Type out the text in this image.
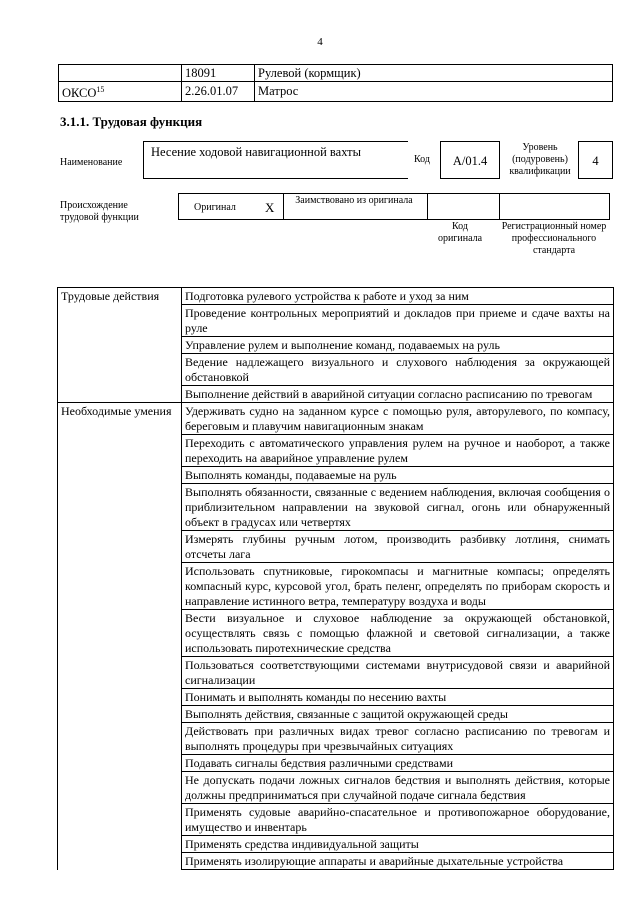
4
	18091	Рулевой (кормщик)
ОКСО$^{15}$	2.26.01.07	Матрос
3.1.1. Трудовая функция
Наименование
Несение ходовой навигационной вахты
Код	А/01.4
Уровень (подуровень) квалификации
4
Происхождение трудовой функции
Оригинал X	Заимствовано из оригинала
Код оригинала
Регистрационный номер профессионального стандарта
Трудовые действия	Подготовка рулевого устройства к работе и уход за ним
	Проведение контрольных мероприятий и докладов при приеме и сдаче вахты на руле
	Управление рулем и выполнение команд, подаваемых на руль
	Ведение надлежащего визуального и слухового наблюдения за окружающей обстановкой
	Выполнение действий в аварийной ситуации согласно расписанию по тревогам
Необходимые умения	Удерживать судно на заданном курсе с помощью руля, авторулевого, по компасу, береговым и плавучим навигационным знакам
	Переходить с автоматического управления рулем на ручное и наоборот, а также переходить на аварийное управление рулем
	Выполнять команды, подаваемые на руль
	Выполнять обязанности, связанные с ведением наблюдения, включая сообщения о приблизительном направлении на звуковой сигнал, огонь или обнаруженный объект в градусах или четвертях
	Измерять глубины ручным лотом, производить разбивку лотлиня, снимать отсчеты лага
	Использовать спутниковые, гирокомпасы и магнитные компасы; определять компасный курс, курсовой угол, брать пеленг, определять по приборам скорость и направление истинного ветра, температуру воздуха и воды
	Вести визуальное и слуховое наблюдение за окружающей обстановкой, осуществлять связь с помощью флажной и световой сигнализации, а также использовать пиротехнические средства
	Пользоваться соответствующими системами внутрисудовой связи и аварийной сигнализации
	Понимать и выполнять команды по несению вахты
	Выполнять действия, связанные с защитой окружающей среды
	Действовать при различных видах тревог согласно расписанию по тревогам и выполнять процедуры при чрезвычайных ситуациях
	Подавать сигналы бедствия различными средствами
	Не допускать подачи ложных сигналов бедствия и выполнять действия, которые должны предприниматься при случайной подаче сигнала бедствия
	Применять судовые аварийно-спасательное и противопожарное оборудование, имущество и инвентарь
	Применять средства индивидуальной защиты
	Применять изолирующие аппараты и аварийные дыхательные устройства
